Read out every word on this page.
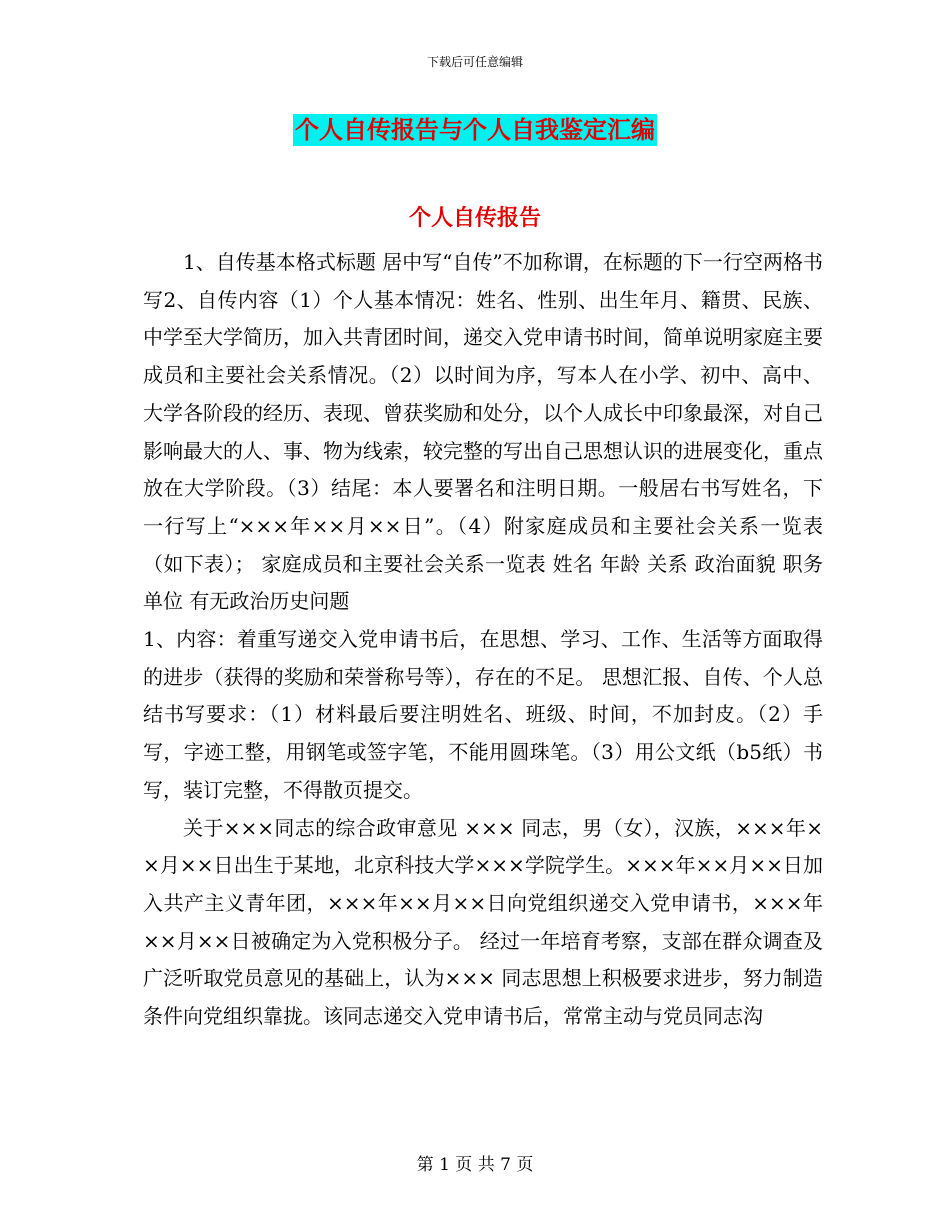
下载后可任意编辑
个人自传报告与个人自我鉴定汇编
个人自传报告

1、自传基本格式标题 居中写“自传”不加称谓，在标题的下一行空两格书写2、自传内容（1）个人基本情况：姓名、性别、出生年月、籍贯、民族、中学至大学简历，加入共青团时间，递交入党申请书时间，简单说明家庭主要成员和主要社会关系情况。（2）以时间为序，写本人在小学、初中、高中、大学各阶段的经历、表现、曾获奖励和处分，以个人成长中印象最深，对自己影响最大的人、事、物为线索，较完整的写出自己思想认识的进展变化，重点放在大学阶段。（3）结尾：本人要署名和注明日期。一般居右书写姓名，下一行写上“×××年××月××日”。（4）附家庭成员和主要社会关系一览表（如下表）； 家庭成员和主要社会关系一览表 姓名 年龄 关系 政治面貌 职务 单位 有无政治历史问题

1、内容：着重写递交入党申请书后，在思想、学习、工作、生活等方面取得的进步（获得的奖励和荣誉称号等），存在的不足。 思想汇报、自传、个人总结书写要求：（1）材料最后要注明姓名、班级、时间，不加封皮。（2）手写，字迹工整，用钢笔或签字笔，不能用圆珠笔。（3）用公文纸（b5纸）书写，装订完整，不得散页提交。

关于×××同志的综合政审意见 ××× 同志，男（女），汉族，×××年××月××日出生于某地，北京科技大学×××学院学生。×××年××月××日加入共产主义青年团，×××年××月××日向党组织递交入党申请书，×××年××月××日被确定为入党积极分子。 经过一年培育考察，支部在群众调查及广泛听取党员意见的基础上，认为××× 同志思想上积极要求进步，努力制造条件向党组织靠拢。该同志递交入党申请书后，常常主动与党员同志沟

第 1 页 共 7 页
